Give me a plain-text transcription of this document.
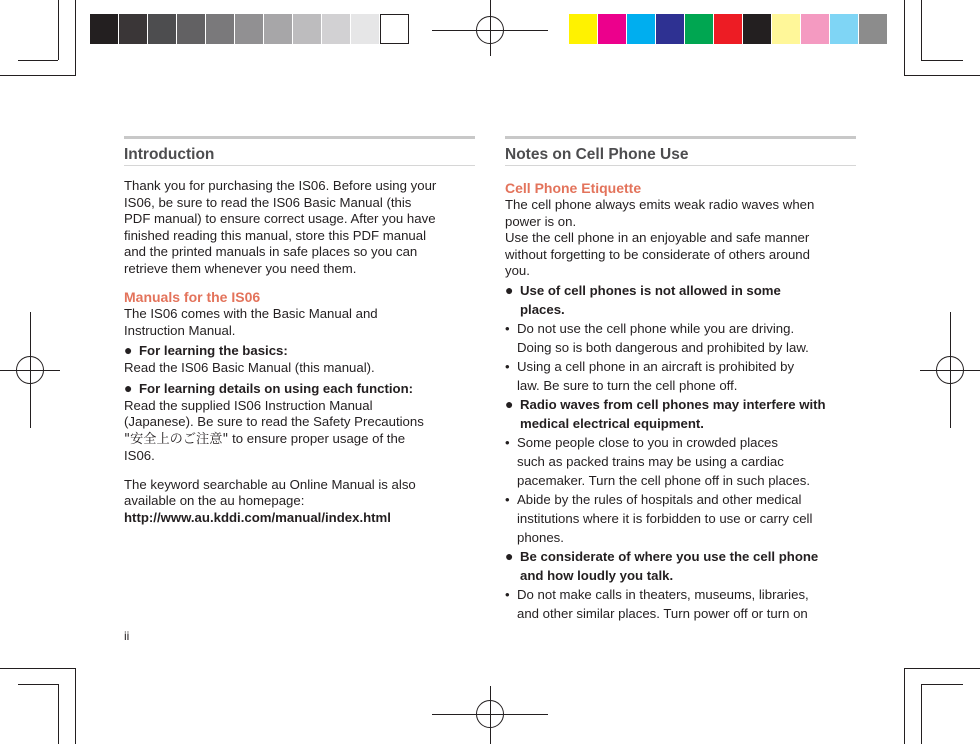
Introduction

Thank you for purchasing the IS06. Before using your

IS06, be sure to read the IS06 Basic Manual (this

PDF manual) to ensure correct usage. After you have

finished reading this manual, store this PDF manual

and the printed manuals in safe places so you can

retrieve them whenever you need them.

Manuals for the IS06

The IS06 comes with the Basic Manual and

Instruction Manual.

● For learning the basics:

Read the IS06 Basic Manual (this manual).

● For learning details on using each function:

Read the supplied IS06 Instruction Manual

(Japanese). Be sure to read the Safety Precautions

"安全上のご注意" to ensure proper usage of the

IS06.

The keyword searchable au Online Manual is also

available on the au homepage:

http://www.au.kddi.com/manual/index.html

ii
Notes on Cell Phone Use

Cell Phone Etiquette

The cell phone always emits weak radio waves when

power is on.

Use the cell phone in an enjoyable and safe manner

without forgetting to be considerate of others around

you.

● Use of cell phones is not allowed in some
places.
• Do not use the cell phone while you are driving.
Doing so is both dangerous and prohibited by law.
• Using a cell phone in an aircraft is prohibited by
law. Be sure to turn the cell phone off.
● Radio waves from cell phones may interfere with
medical electrical equipment.
• Some people close to you in crowded places
such as packed trains may be using a cardiac
pacemaker. Turn the cell phone off in such places.
• Abide by the rules of hospitals and other medical
institutions where it is forbidden to use or carry cell
phones.
● Be considerate of where you use the cell phone
and how loudly you talk.
• Do not make calls in theaters, museums, libraries,
and other similar places. Turn power off or turn on
